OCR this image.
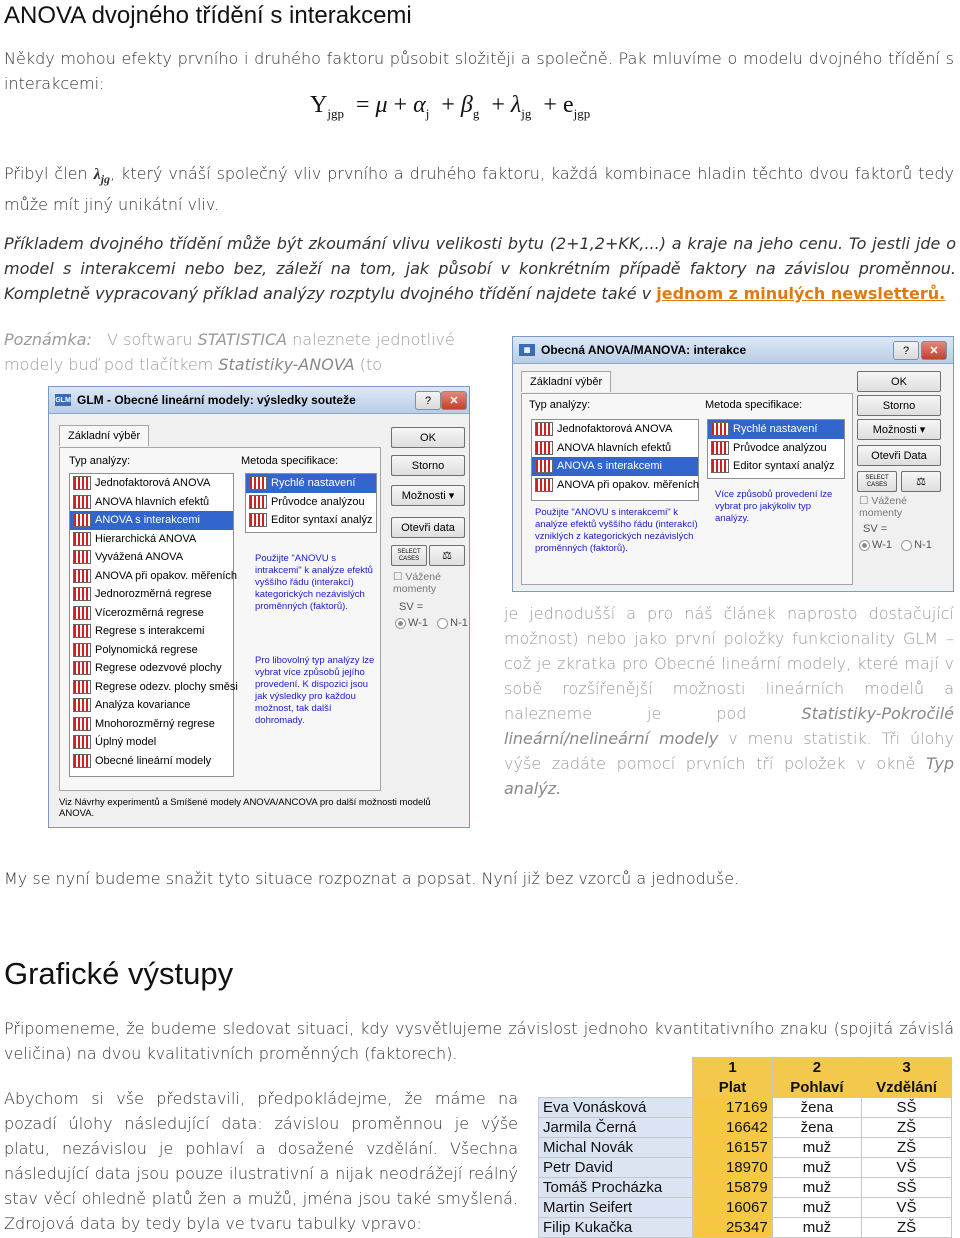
ANOVA dvojného třídění s interakcemi
Někdy mohou efekty prvního i druhého faktoru působit složitěji a společně. Pak mluvíme o modelu dvojného třídění s interakcemi:
$Y_{jgp} = \mu + \alpha_j + \beta_g + \lambda_{jg} + e_{jgp}$
Přibyl člen $\lambda_{jg}$, který vnáší společný vliv prvního a druhého faktoru, každá kombinace hladin těchto dvou faktorů tedy může mít jiný unikátní vliv.
Příkladem dvojného třídění může být zkoumání vlivu velikosti bytu (2+1,2+KK,...) a kraje na jeho cenu. To jestli jde o model s interakcemi nebo bez, záleží na tom, jak působí v konkrétním případě faktory na závislou proměnnou. Kompletně vypracovaný příklad analýzy rozptylu dvojného třídění najdete také v jednom z minulých newsletterů.
Poznámka: V softwaru STATISTICA naleznete jednotlivé modely buď pod tlačítkem Statistiky-ANOVA (to
GLM GLM - Obecné lineární modely: výsledky souteže	?	✕
Základní výběr
Typ analýzy:	Metoda specifikace:
Jednofaktorová ANOVA
ANOVA hlavních efektů
ANOVA s interakcemi
Hierarchická ANOVA
Vyvážená ANOVA
ANOVA při opakov. měřeních
Jednorozměrná regrese
Vícerozměrná regrese
Regrese s interakcemi
Polynomická regrese
Regrese odezvové plochy
Regrese odezv. plochy směsi
Analýza kovariance
Mnohorozměrný regrese
Úplný model
Obecné lineární modely
Rychlé nastavení
Průvodce analýzou
Editor syntaxí analýz
Použijte "ANOVU s intrakcemi" k analýze efektů vyššího řádu (interakcí) kategorických nezávislých proměnných (faktorů).
Pro libovolný typ analýzy lze vybrat více způsobů jejího provedení. K dispozici jsou jak výsledky pro každou možnost, tak další dohromady.
OK
Storno
Možnosti ▾
Otevři data
SELECT CASES	⚖
☐ Vážené momenty
SV =
W-1 N-1
Viz Návrhy experimentů a Smíšené modely ANOVA/ANCOVA pro další možnosti modelů ANOVA.
▦ Obecná ANOVA/MANOVA: interakce	?	✕
Základní výběr
Typ analýzy:	Metoda specifikace:
Jednofaktorová ANOVA
ANOVA hlavních efektů
ANOVA s interakcemi
ANOVA při opakov. měřeních
Rychlé nastavení
Průvodce analýzou
Editor syntaxí analýz
Použijte "ANOVU s interakcemi" k analýze efektů vyššího řádu (interakcí) vzniklých z kategorických nezávislých proměnných (faktorů).
Více způsobů provedení lze vybrat pro jakýkoliv typ analýzy.
OK
Storno
Možnosti ▾
Otevři Data
SELECT CASES	⚖
☐ Vážené momenty
SV =
W-1 N-1
je jednodušší a pro náš článek naprosto dostačující možnost) nebo jako první položky funkcionality GLM – což je zkratka pro Obecné lineární modely, které mají v sobě rozšířenější možnosti lineárních modelů a nalezneme je pod Statistiky-Pokročilé lineární/nelineární modely v menu statistik. Tři úlohy výše zadáte pomocí prvních tří položek v okně Typ analýz.
My se nyní budeme snažit tyto situace rozpoznat a popsat. Nyní již bez vzorců a jednoduše.
Grafické výstupy
Připomeneme, že budeme sledovat situaci, kdy vysvětlujeme závislost jednoho kvantitativního znaku (spojitá závislá veličina) na dvou kvalitativních proměnných (faktorech).
Abychom si vše představili, předpokládejme, že máme na pozadí úlohy následující data: závislou proměnnou je výše platu, nezávislou je pohlaví a dosažené vzdělání. Všechna následující data jsou pouze ilustrativní a nijak neodrážejí reálný stav věcí ohledně platů žen a mužů, jména jsou také smyšlená. Zdrojová data by tedy byla ve tvaru tabulky vpravo:
	1	2	3
	Plat	Pohlaví	Vzdělání
Eva Vonásková	17169	žena	SŠ
Jarmila Černá	16642	žena	ZŠ
Michal Novák	16157	muž	ZŠ
Petr David	18970	muž	VŠ
Tomáš Procházka	15879	muž	SŠ
Martin Seifert	16067	muž	VŠ
Filip Kukačka	25347	muž	ZŠ
